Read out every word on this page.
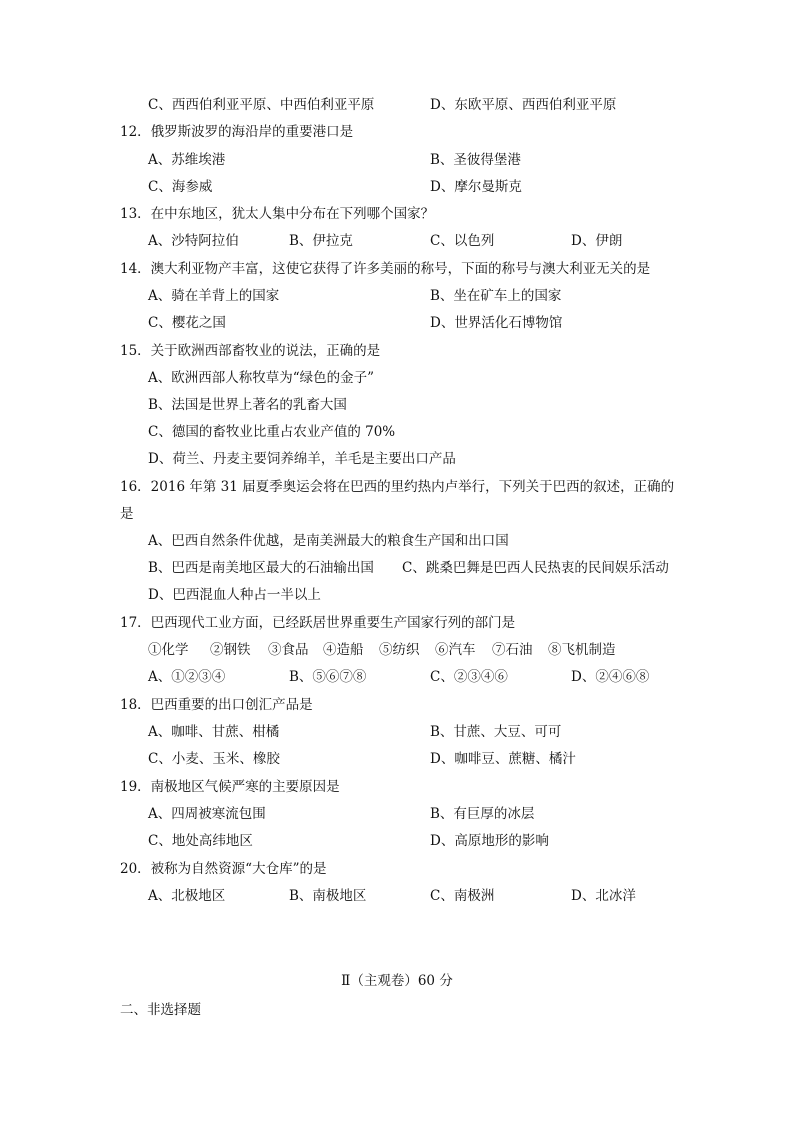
C、西西伯利亚平原、中西伯利亚平原	D、东欧平原、西西伯利亚平原
12．俄罗斯波罗的海沿岸的重要港口是
A、苏维埃港	B、圣彼得堡港
C、海参威	D、摩尔曼斯克
13．在中东地区，犹太人集中分布在下列哪个国家？
A、沙特阿拉伯	B、伊拉克	C、以色列	D、伊朗
14．澳大利亚物产丰富，这使它获得了许多美丽的称号，下面的称号与澳大利亚无关的是
A、骑在羊背上的国家	B、坐在矿车上的国家
C、樱花之国	D、世界活化石博物馆
15．关于欧洲西部畜牧业的说法，正确的是
A、欧洲西部人称牧草为“绿色的金子”
B、法国是世界上著名的乳畜大国
C、德国的畜牧业比重占农业产值的 70%
D、荷兰、丹麦主要饲养绵羊，羊毛是主要出口产品
16．2016 年第 31 届夏季奥运会将在巴西的里约热内卢举行，下列关于巴西的叙述，正确的
是
A、巴西自然条件优越，是南美洲最大的粮食生产国和出口国
B、巴西是南美地区最大的石油输出国 C、跳桑巴舞是巴西人民热衷的民间娱乐活动
D、巴西混血人种占一半以上
17．巴西现代工业方面，已经跃居世界重要生产国家行列的部门是
①化学 ②钢铁 ③食品 ④造船 ⑤纺织 ⑥汽车 ⑦石油 ⑧飞机制造
A、①②③④	B、⑤⑥⑦⑧	C、②③④⑥	D、②④⑥⑧
18．巴西重要的出口创汇产品是
A、咖啡、甘蔗、柑橘	B、甘蔗、大豆、可可
C、小麦、玉米、橡胶	D、咖啡豆、蔗糖、橘汁
19．南极地区气候严寒的主要原因是
A、四周被寒流包围	B、有巨厚的冰层
C、地处高纬地区	D、高原地形的影响
20．被称为自然资源“大仓库”的是
A、北极地区	B、南极地区	C、南极洲	D、北冰洋
Ⅱ（主观卷）60 分
二、非选择题
